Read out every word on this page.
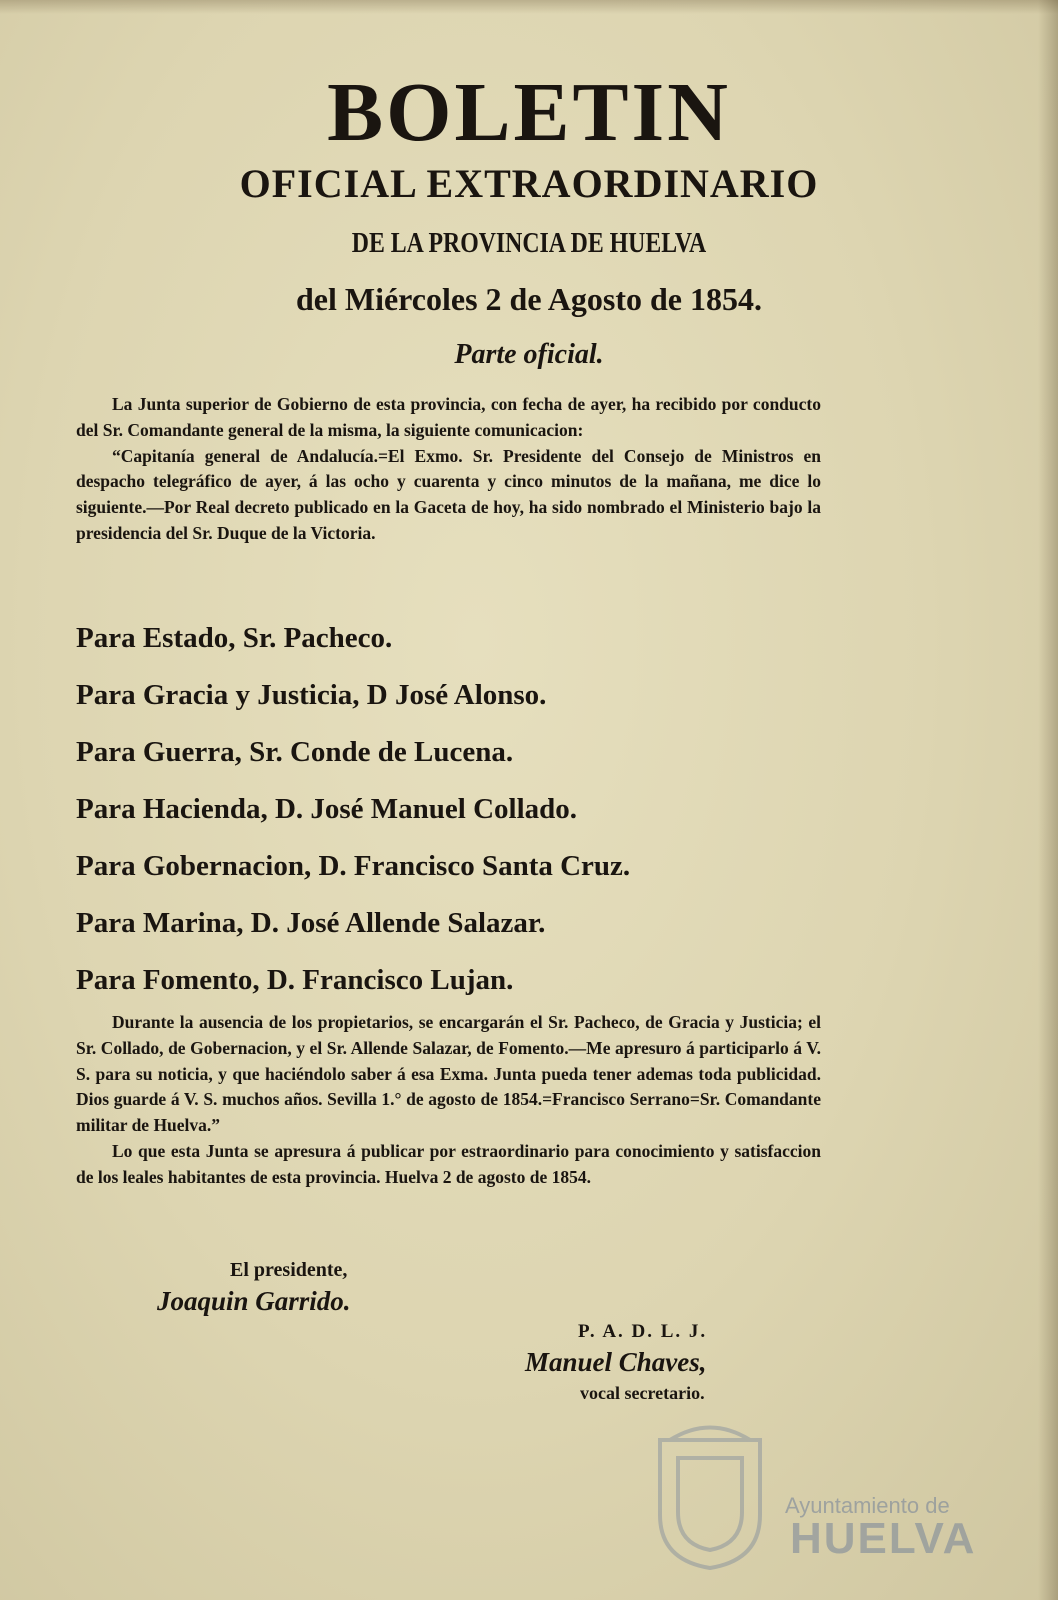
BOLETIN
OFICIAL EXTRAORDINARIO
DE LA PROVINCIA DE HUELVA
del Miércoles 2 de Agosto de 1854.
Parte oficial.

La Junta superior de Gobierno de esta provincia, con fecha de ayer, ha recibido por conducto del Sr. Comandante general de la misma, la siguiente comunicacion:

“Capitanía general de Andalucía.=El Exmo. Sr. Presidente del Consejo de Ministros en despacho telegráfico de ayer, á las ocho y cuarenta y cinco minutos de la mañana, me dice lo siguiente.—Por Real decreto publicado en la Gaceta de hoy, ha sido nombrado el Ministerio bajo la presidencia del Sr. Duque de la Victoria.

Para Estado, Sr. Pacheco.
Para Gracia y Justicia, D José Alonso.
Para Guerra, Sr. Conde de Lucena.
Para Hacienda, D. José Manuel Collado.
Para Gobernacion, D. Francisco Santa Cruz.
Para Marina, D. José Allende Salazar.
Para Fomento, D. Francisco Lujan.

Durante la ausencia de los propietarios, se encargarán el Sr. Pacheco, de Gracia y Justicia; el Sr. Collado, de Gobernacion, y el Sr. Allende Salazar, de Fomento.—Me apresuro á participarlo á V. S. para su noticia, y que haciéndolo saber á esa Exma. Junta pueda tener ademas toda publicidad. Dios guarde á V. S. muchos años. Sevilla 1.° de agosto de 1854.=Francisco Serrano=Sr. Comandante militar de Huelva.”

Lo que esta Junta se apresura á publicar por estraordinario para conocimiento y satisfaccion de los leales habitantes de esta provincia. Huelva 2 de agosto de 1854.

El presidente,
Joaquin Garrido.
P. A. D. L. J.
Manuel Chaves,
vocal secretario.
Ayuntamiento de
HUELVA
